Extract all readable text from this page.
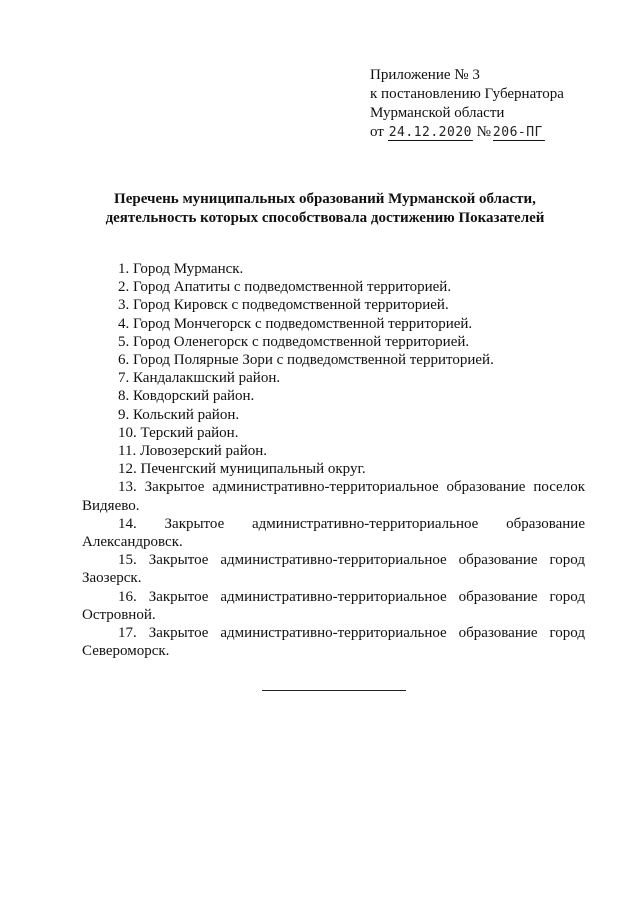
Приложение № 3
к постановлению Губернатора
Мурманской области
от 24.12.2020 № 206-ПГ
Перечень муниципальных образований Мурманской области,
деятельность которых способствовала достижению Показателей
1. Город Мурманск.
2. Город Апатиты с подведомственной территорией.
3. Город Кировск с подведомственной территорией.
4. Город Мончегорск с подведомственной территорией.
5. Город Оленегорск с подведомственной территорией.
6. Город Полярные Зори с подведомственной территорией.
7. Кандалакшский район.
8. Ковдорский район.
9. Кольский район.
10. Терский район.
11. Ловозерский район.
12. Печенгский муниципальный округ.
13. Закрытое административно-территориальное образование поселок Видяево.
14. Закрытое административно-территориальное образование Александровск.
15. Закрытое административно-территориальное образование город Заозерск.
16. Закрытое административно-территориальное образование город Островной.
17. Закрытое административно-территориальное образование город Североморск.
